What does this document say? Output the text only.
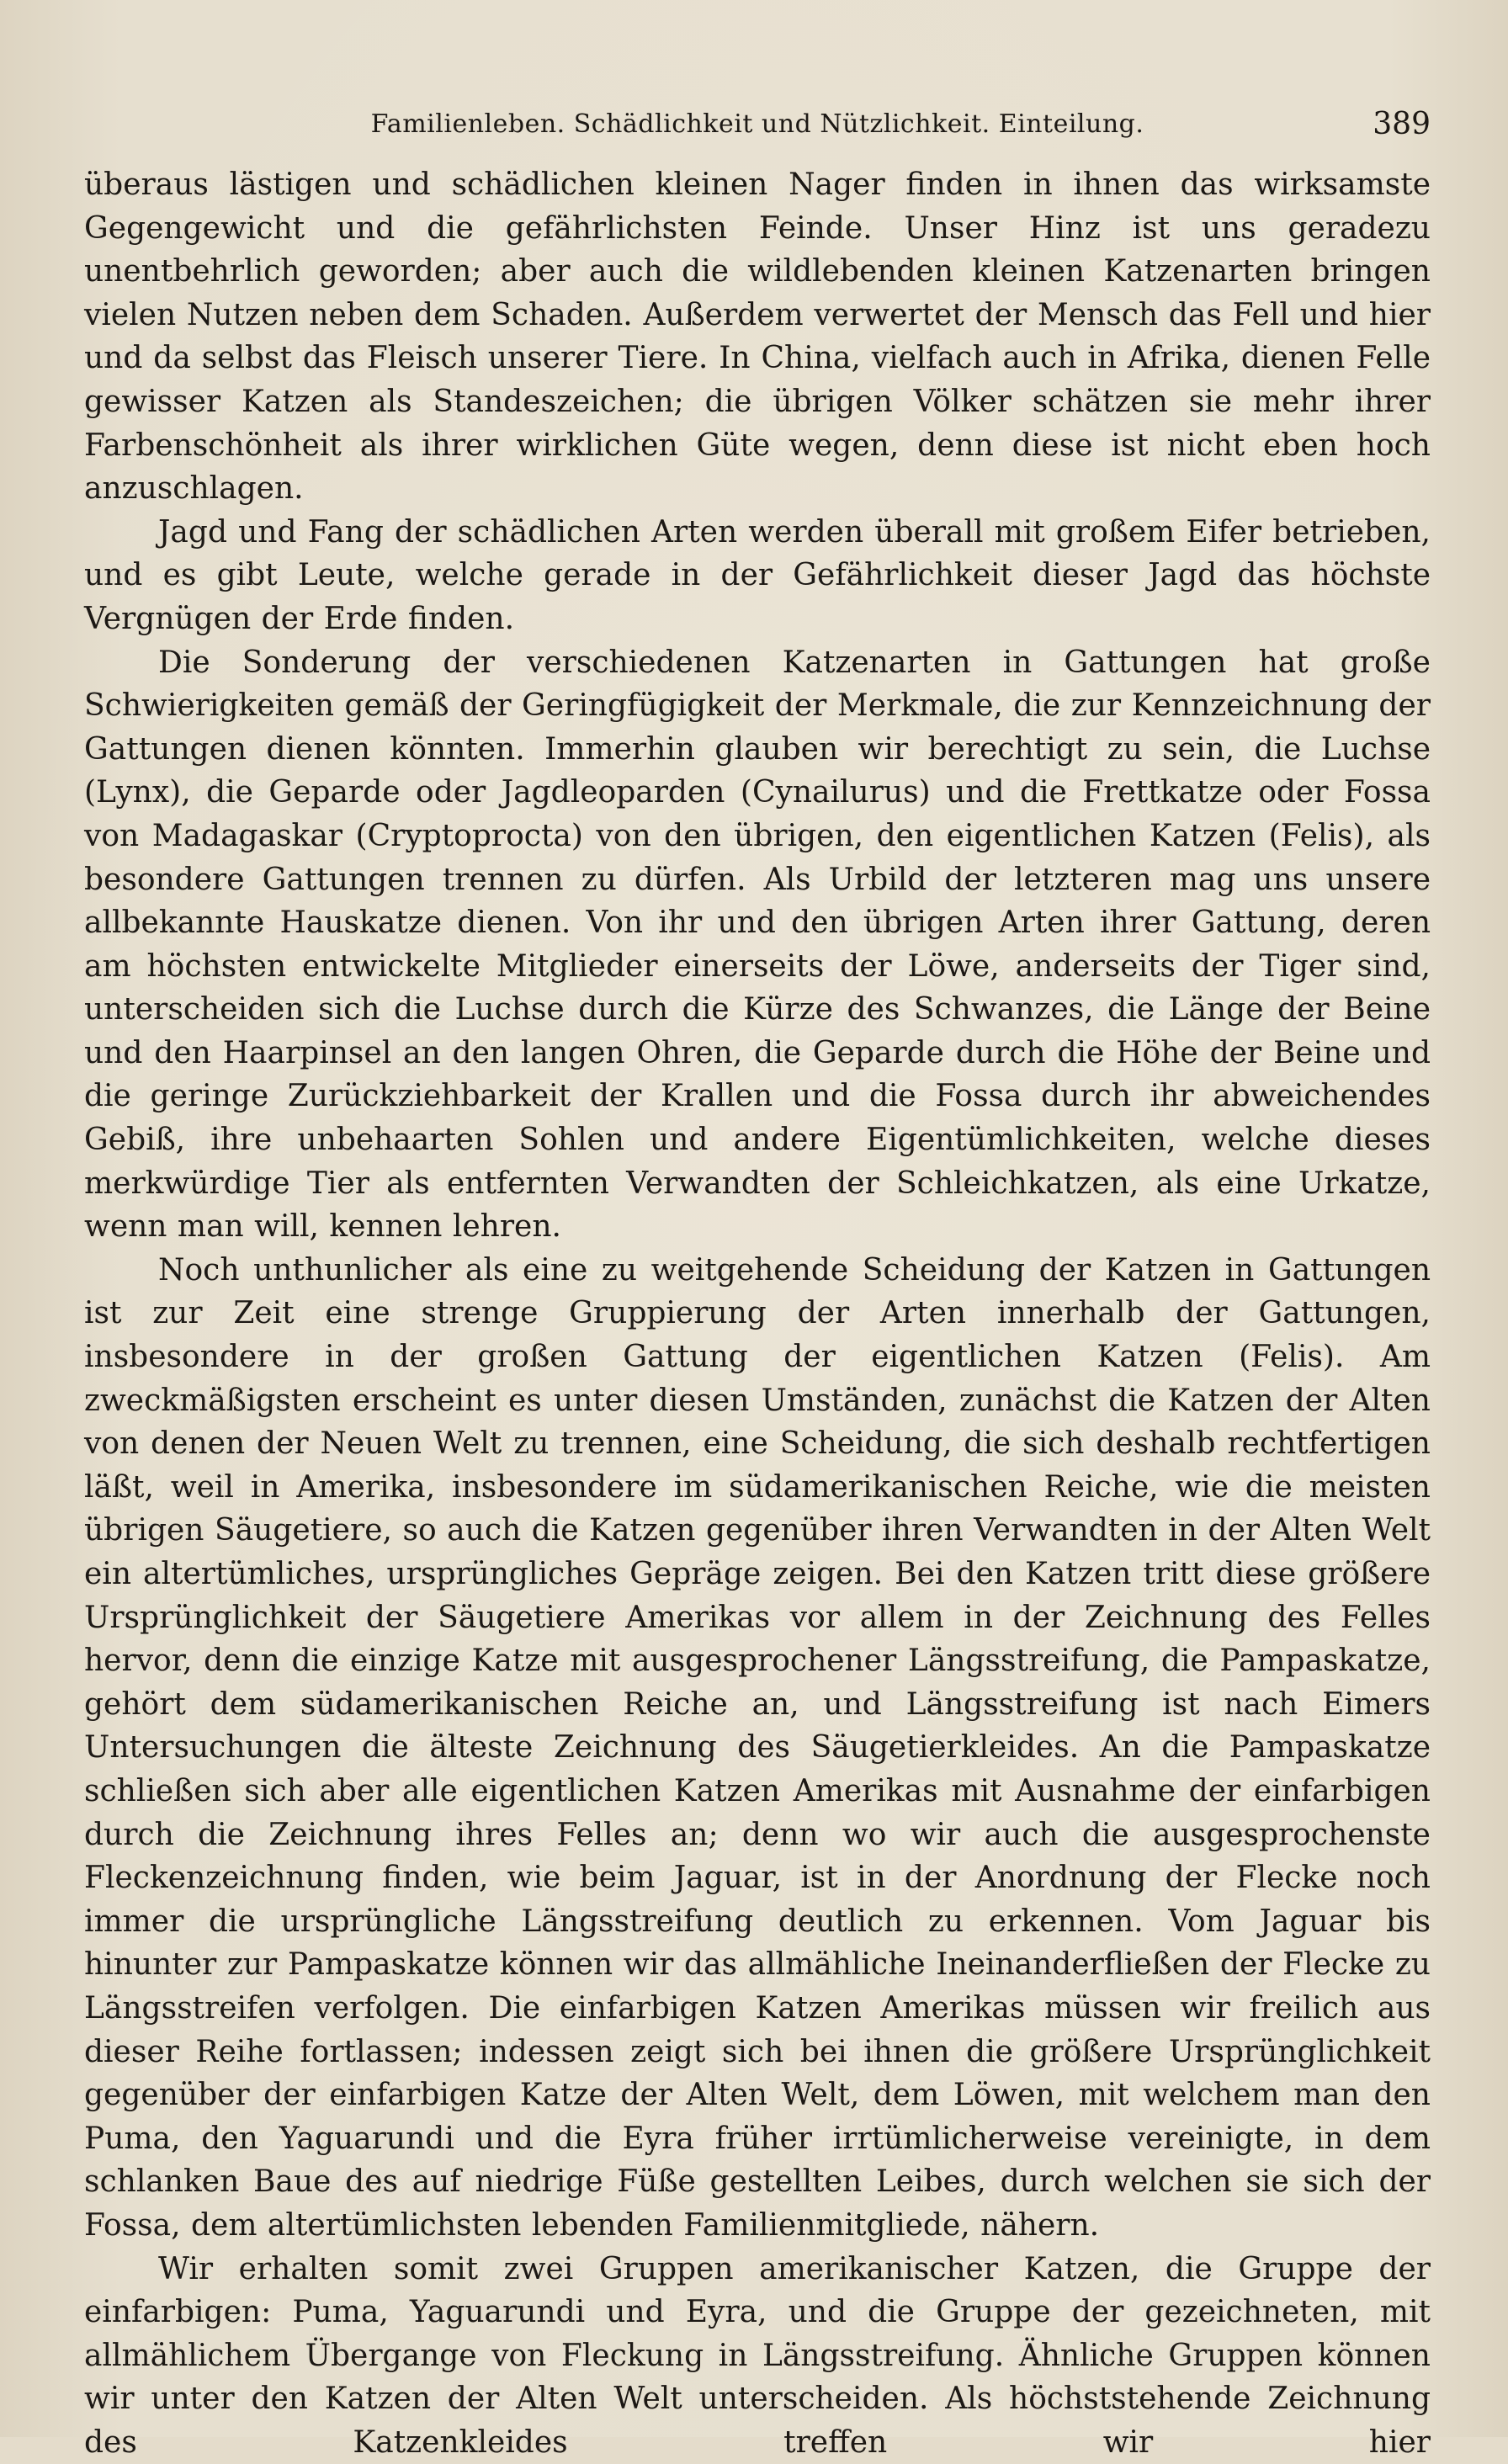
Familienleben. Schädlichkeit und Nützlichkeit. Einteilung.	389

überaus lästigen und schädlichen kleinen Nager finden in ihnen das wirksamste Gegengewicht und die gefährlichsten Feinde. Unser Hinz ist uns geradezu unentbehrlich geworden; aber auch die wildlebenden kleinen Katzenarten bringen vielen Nutzen neben dem Schaden. Außerdem verwertet der Mensch das Fell und hier und da selbst das Fleisch unserer Tiere. In China, vielfach auch in Afrika, dienen Felle gewisser Katzen als Standeszeichen; die übrigen Völker schätzen sie mehr ihrer Farbenschönheit als ihrer wirklichen Güte wegen, denn diese ist nicht eben hoch anzuschlagen.

Jagd und Fang der schädlichen Arten werden überall mit großem Eifer betrieben, und es gibt Leute, welche gerade in der Gefährlichkeit dieser Jagd das höchste Vergnügen der Erde finden.

Die Sonderung der verschiedenen Katzenarten in Gattungen hat große Schwierigkeiten gemäß der Geringfügigkeit der Merkmale, die zur Kennzeichnung der Gattungen dienen könnten. Immerhin glauben wir berechtigt zu sein, die Luchse (Lynx), die Geparde oder Jagdleoparden (Cynailurus) und die Frettkatze oder Fossa von Madagaskar (Cryptoprocta) von den übrigen, den eigentlichen Katzen (Felis), als besondere Gattungen trennen zu dürfen. Als Urbild der letzteren mag uns unsere allbekannte Hauskatze dienen. Von ihr und den übrigen Arten ihrer Gattung, deren am höchsten entwickelte Mitglieder einerseits der Löwe, anderseits der Tiger sind, unterscheiden sich die Luchse durch die Kürze des Schwanzes, die Länge der Beine und den Haarpinsel an den langen Ohren, die Geparde durch die Höhe der Beine und die geringe Zurückziehbarkeit der Krallen und die Fossa durch ihr abweichendes Gebiß, ihre unbehaarten Sohlen und andere Eigentümlichkeiten, welche dieses merkwürdige Tier als entfernten Verwandten der Schleichkatzen, als eine Urkatze, wenn man will, kennen lehren.

Noch unthunlicher als eine zu weitgehende Scheidung der Katzen in Gattungen ist zur Zeit eine strenge Gruppierung der Arten innerhalb der Gattungen, insbesondere in der großen Gattung der eigentlichen Katzen (Felis). Am zweckmäßigsten erscheint es unter diesen Umständen, zunächst die Katzen der Alten von denen der Neuen Welt zu trennen, eine Scheidung, die sich deshalb rechtfertigen läßt, weil in Amerika, insbesondere im südamerikanischen Reiche, wie die meisten übrigen Säugetiere, so auch die Katzen gegenüber ihren Verwandten in der Alten Welt ein altertümliches, ursprüngliches Gepräge zeigen. Bei den Katzen tritt diese größere Ursprünglichkeit der Säugetiere Amerikas vor allem in der Zeichnung des Felles hervor, denn die einzige Katze mit ausgesprochener Längsstreifung, die Pampaskatze, gehört dem südamerikanischen Reiche an, und Längsstreifung ist nach Eimers Untersuchungen die älteste Zeichnung des Säugetierkleides. An die Pampaskatze schließen sich aber alle eigentlichen Katzen Amerikas mit Ausnahme der einfarbigen durch die Zeichnung ihres Felles an; denn wo wir auch die ausgesprochenste Fleckenzeichnung finden, wie beim Jaguar, ist in der Anordnung der Flecke noch immer die ursprüngliche Längsstreifung deutlich zu erkennen. Vom Jaguar bis hinunter zur Pampaskatze können wir das allmähliche Ineinanderfließen der Flecke zu Längsstreifen verfolgen. Die einfarbigen Katzen Amerikas müssen wir freilich aus dieser Reihe fortlassen; indessen zeigt sich bei ihnen die größere Ursprünglichkeit gegenüber der einfarbigen Katze der Alten Welt, dem Löwen, mit welchem man den Puma, den Yaguarundi und die Eyra früher irrtümlicherweise vereinigte, in dem schlanken Baue des auf niedrige Füße gestellten Leibes, durch welchen sie sich der Fossa, dem altertümlichsten lebenden Familienmitgliede, nähern.

Wir erhalten somit zwei Gruppen amerikanischer Katzen, die Gruppe der einfarbigen: Puma, Yaguarundi und Eyra, und die Gruppe der gezeichneten, mit allmählichem Übergange von Fleckung in Längsstreifung. Ähnliche Gruppen können wir unter den Katzen der Alten Welt unterscheiden. Als höchststehende Zeichnung des Katzenkleides treffen wir hier
